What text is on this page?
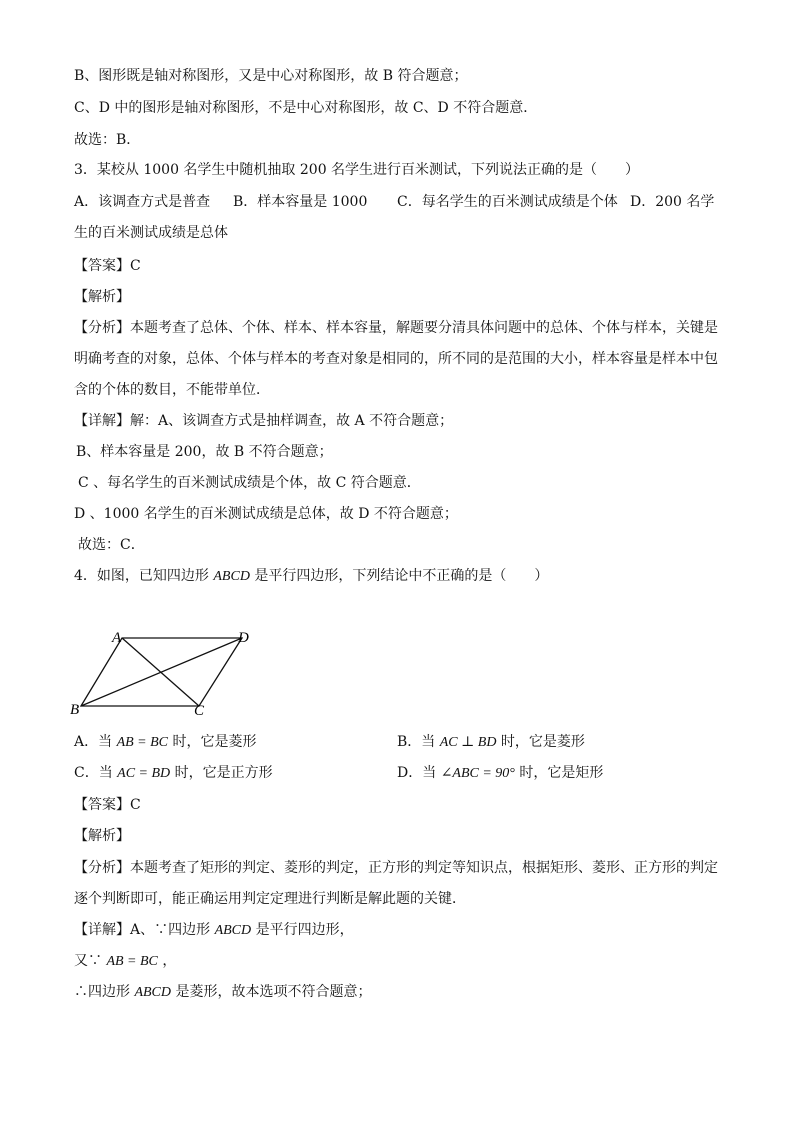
B、图形既是轴对称图形，又是中心对称图形，故 B 符合题意；
C、D 中的图形是轴对称图形，不是中心对称图形，故 C、D 不符合题意．
故选：B．
3．某校从 1000 名学生中随机抽取 200 名学生进行百米测试，下列说法正确的是（　　）
A．该调查方式是普查 B．样本容量是 1000 C．每名学生的百米测试成绩是个体 D．200 名学
生的百米测试成绩是总体
【答案】C
【解析】
【分析】本题考查了总体、个体、样本、样本容量，解题要分清具体问题中的总体、个体与样本，关键是
明确考查的对象，总体、个体与样本的考查对象是相同的，所不同的是范围的大小，样本容量是样本中包
含的个体的数目，不能带单位．
【详解】解：A、该调查方式是抽样调查，故 A 不符合题意；
B、样本容量是 200，故 B 不符合题意；
C 、每名学生的百米测试成绩是个体，故 C 符合题意．
D 、1000 名学生的百米测试成绩是总体，故 D 不符合题意；
故选：C．
4．如图，已知四边形 ABCD 是平行四边形，下列结论中不正确的是（　　）
A	D
B	C
A．当 AB = BC 时，它是菱形	B．当 AC ⊥ BD 时，它是菱形
C．当 AC = BD 时，它是正方形	D．当 ∠ABC = 90° 时，它是矩形
【答案】C
【解析】
【分析】本题考查了矩形的判定、菱形的判定，正方形的判定等知识点，根据矩形、菱形、正方形的判定
逐个判断即可，能正确运用判定定理进行判断是解此题的关键．
【详解】A、∵四边形 ABCD 是平行四边形，
又∵ AB = BC ，
∴四边形 ABCD 是菱形，故本选项不符合题意；
